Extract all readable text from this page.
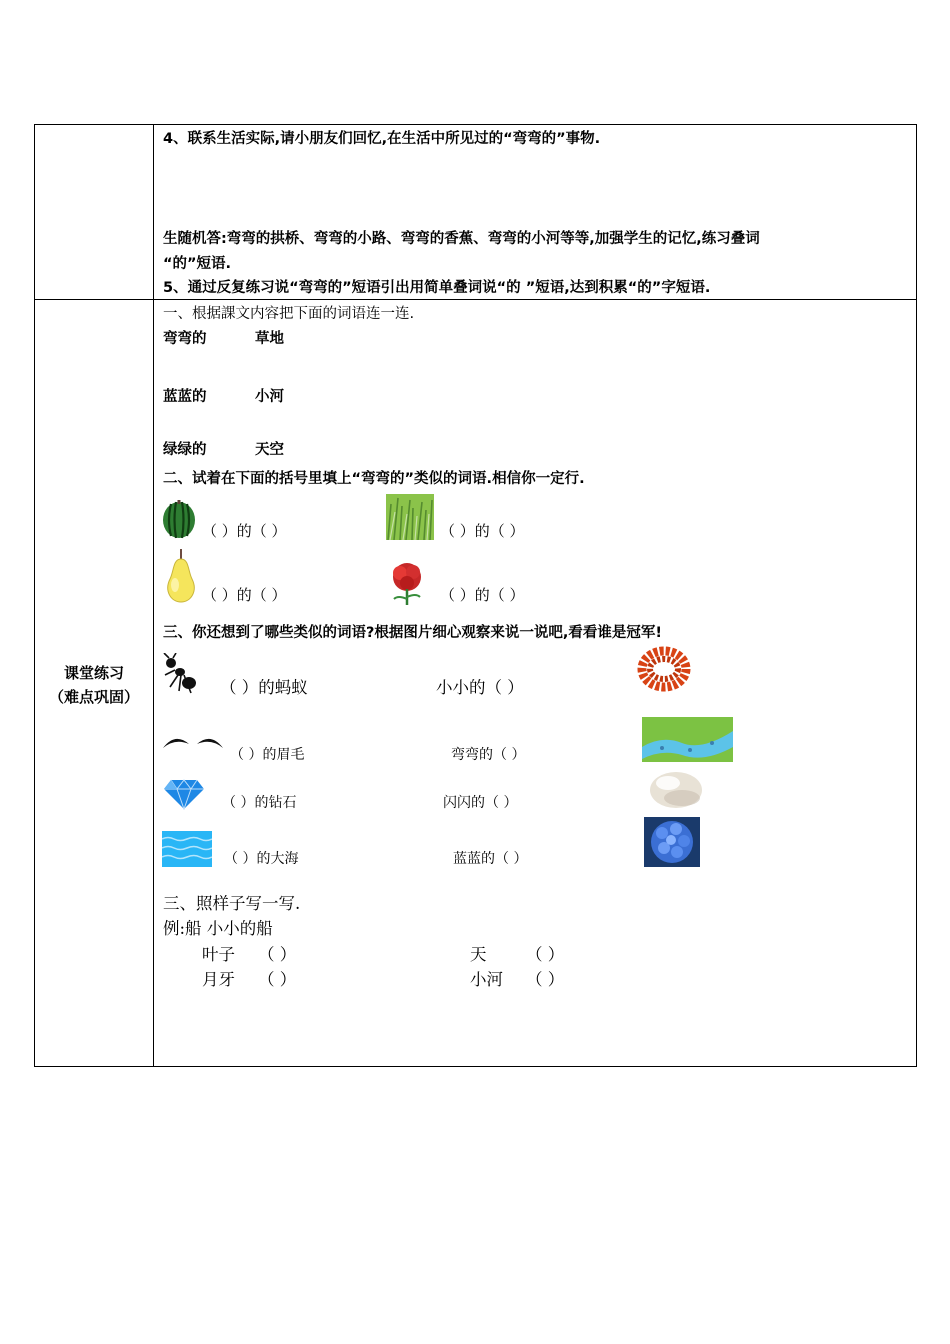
4、联系生活实际,请小朋友们回忆,在生活中所见过的“弯弯的”事物.
生随机答:弯弯的拱桥、弯弯的小路、弯弯的香蕉、弯弯的小河等等,加强学生的记忆,练习叠词
“的”短语.
5、通过反复练习说“弯弯的”短语引出用简单叠词说“的 ”短语,达到积累“的”字短语.
课堂练习
（难点巩固）
一、根据課文内容把下面的词语连一连.
弯弯的	草地
蓝蓝的	小河
绿绿的	天空
二、试着在下面的括号里填上“弯弯的”类似的词语.相信你一定行.
（ ）的（ ）	（ ）的（ ）
（ ）的（ ）	（ ）的（ ）
三、你还想到了哪些类似的词语?根据图片细心观察来说一说吧,看看谁是冠军!
（ ）的蚂蚁	小小的（ ）
（ ）的眉毛	弯弯的（ ）
（ ）的钻石	闪闪的（ ）
（ ）的大海	蓝蓝的（ ）
三、照样子写一写.
例:船 小小的船
叶子 （ ）	天 （ ）
月牙 （ ）	小河 （ ）
